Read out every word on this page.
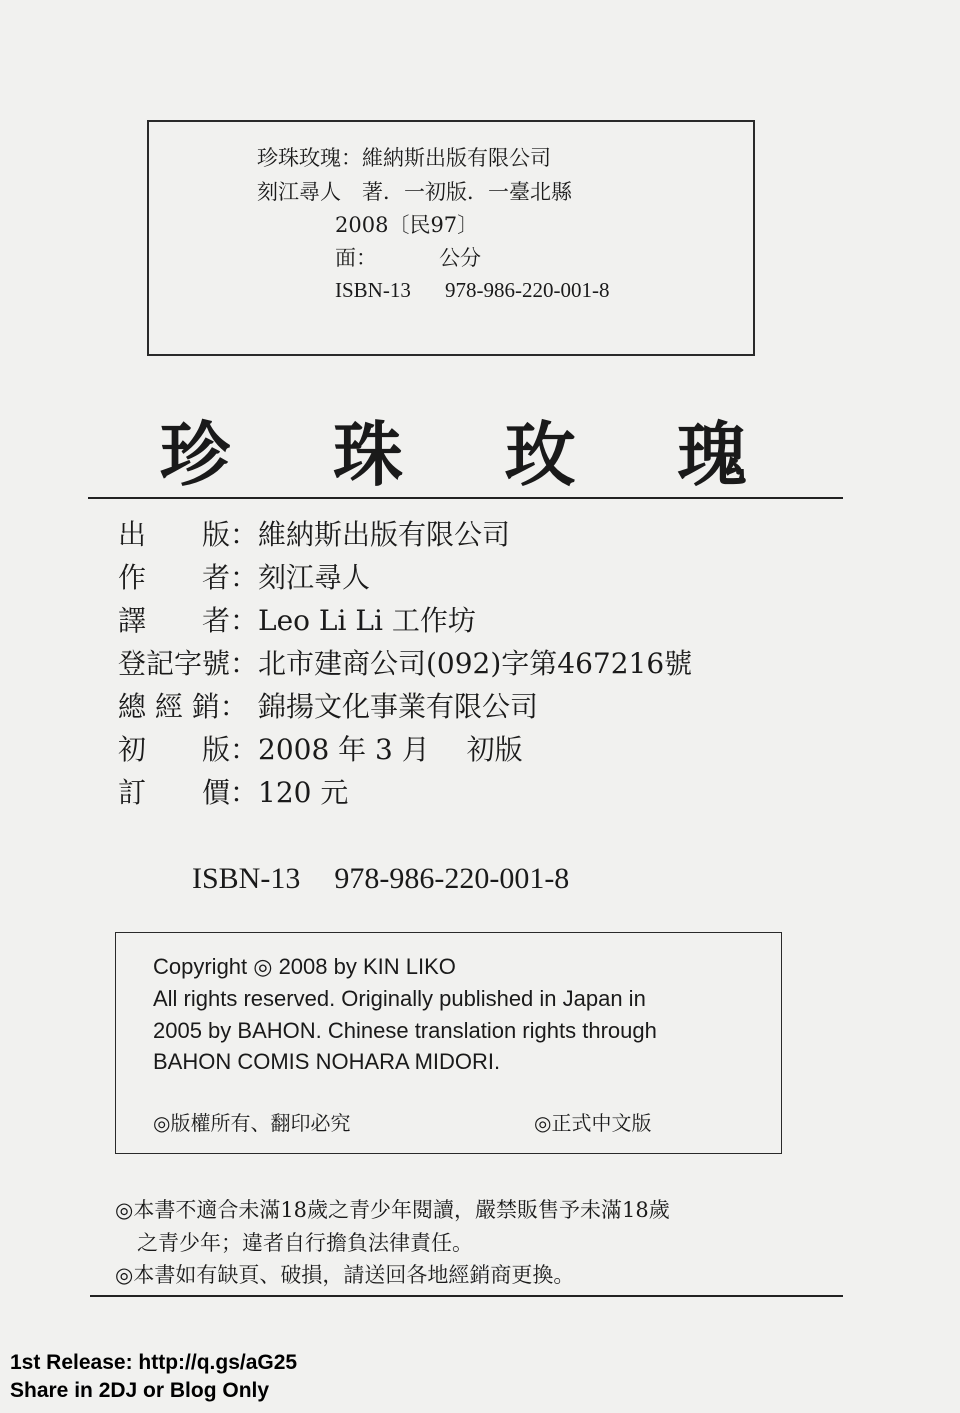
珍珠玫瑰：維納斯出版有限公司
刻江尋人　著．一初版．一臺北縣
2008〔民97〕
面：	公分
ISBN-13 978-986-220-001-8
珍 珠 玫 瑰
出　　版：維納斯出版有限公司
作　　者：刻江尋人
譯　　者：Leo Li Li 工作坊
登記字號：北市建商公司(092)字第467216號
總 經 銷： 錦揚文化事業有限公司
初　　版：2008 年 3 月　 初版
訂　　價：120 元
ISBN-13 978-986-220-001-8
Copyright ◎ 2008 by KIN LIKO
All rights reserved. Originally published in Japan in
2005 by BAHON. Chinese translation rights through
BAHON COMIS NOHARA MIDORI.
◎版權所有、翻印必究	◎正式中文版
◎本書不適合未滿18歲之青少年閱讀，嚴禁販售予未滿18歲
之青少年；違者自行擔負法律責任。
◎本書如有缺頁、破損，請送回各地經銷商更換。
1st Release: http://q.gs/aG25
Share in 2DJ or Blog Only
